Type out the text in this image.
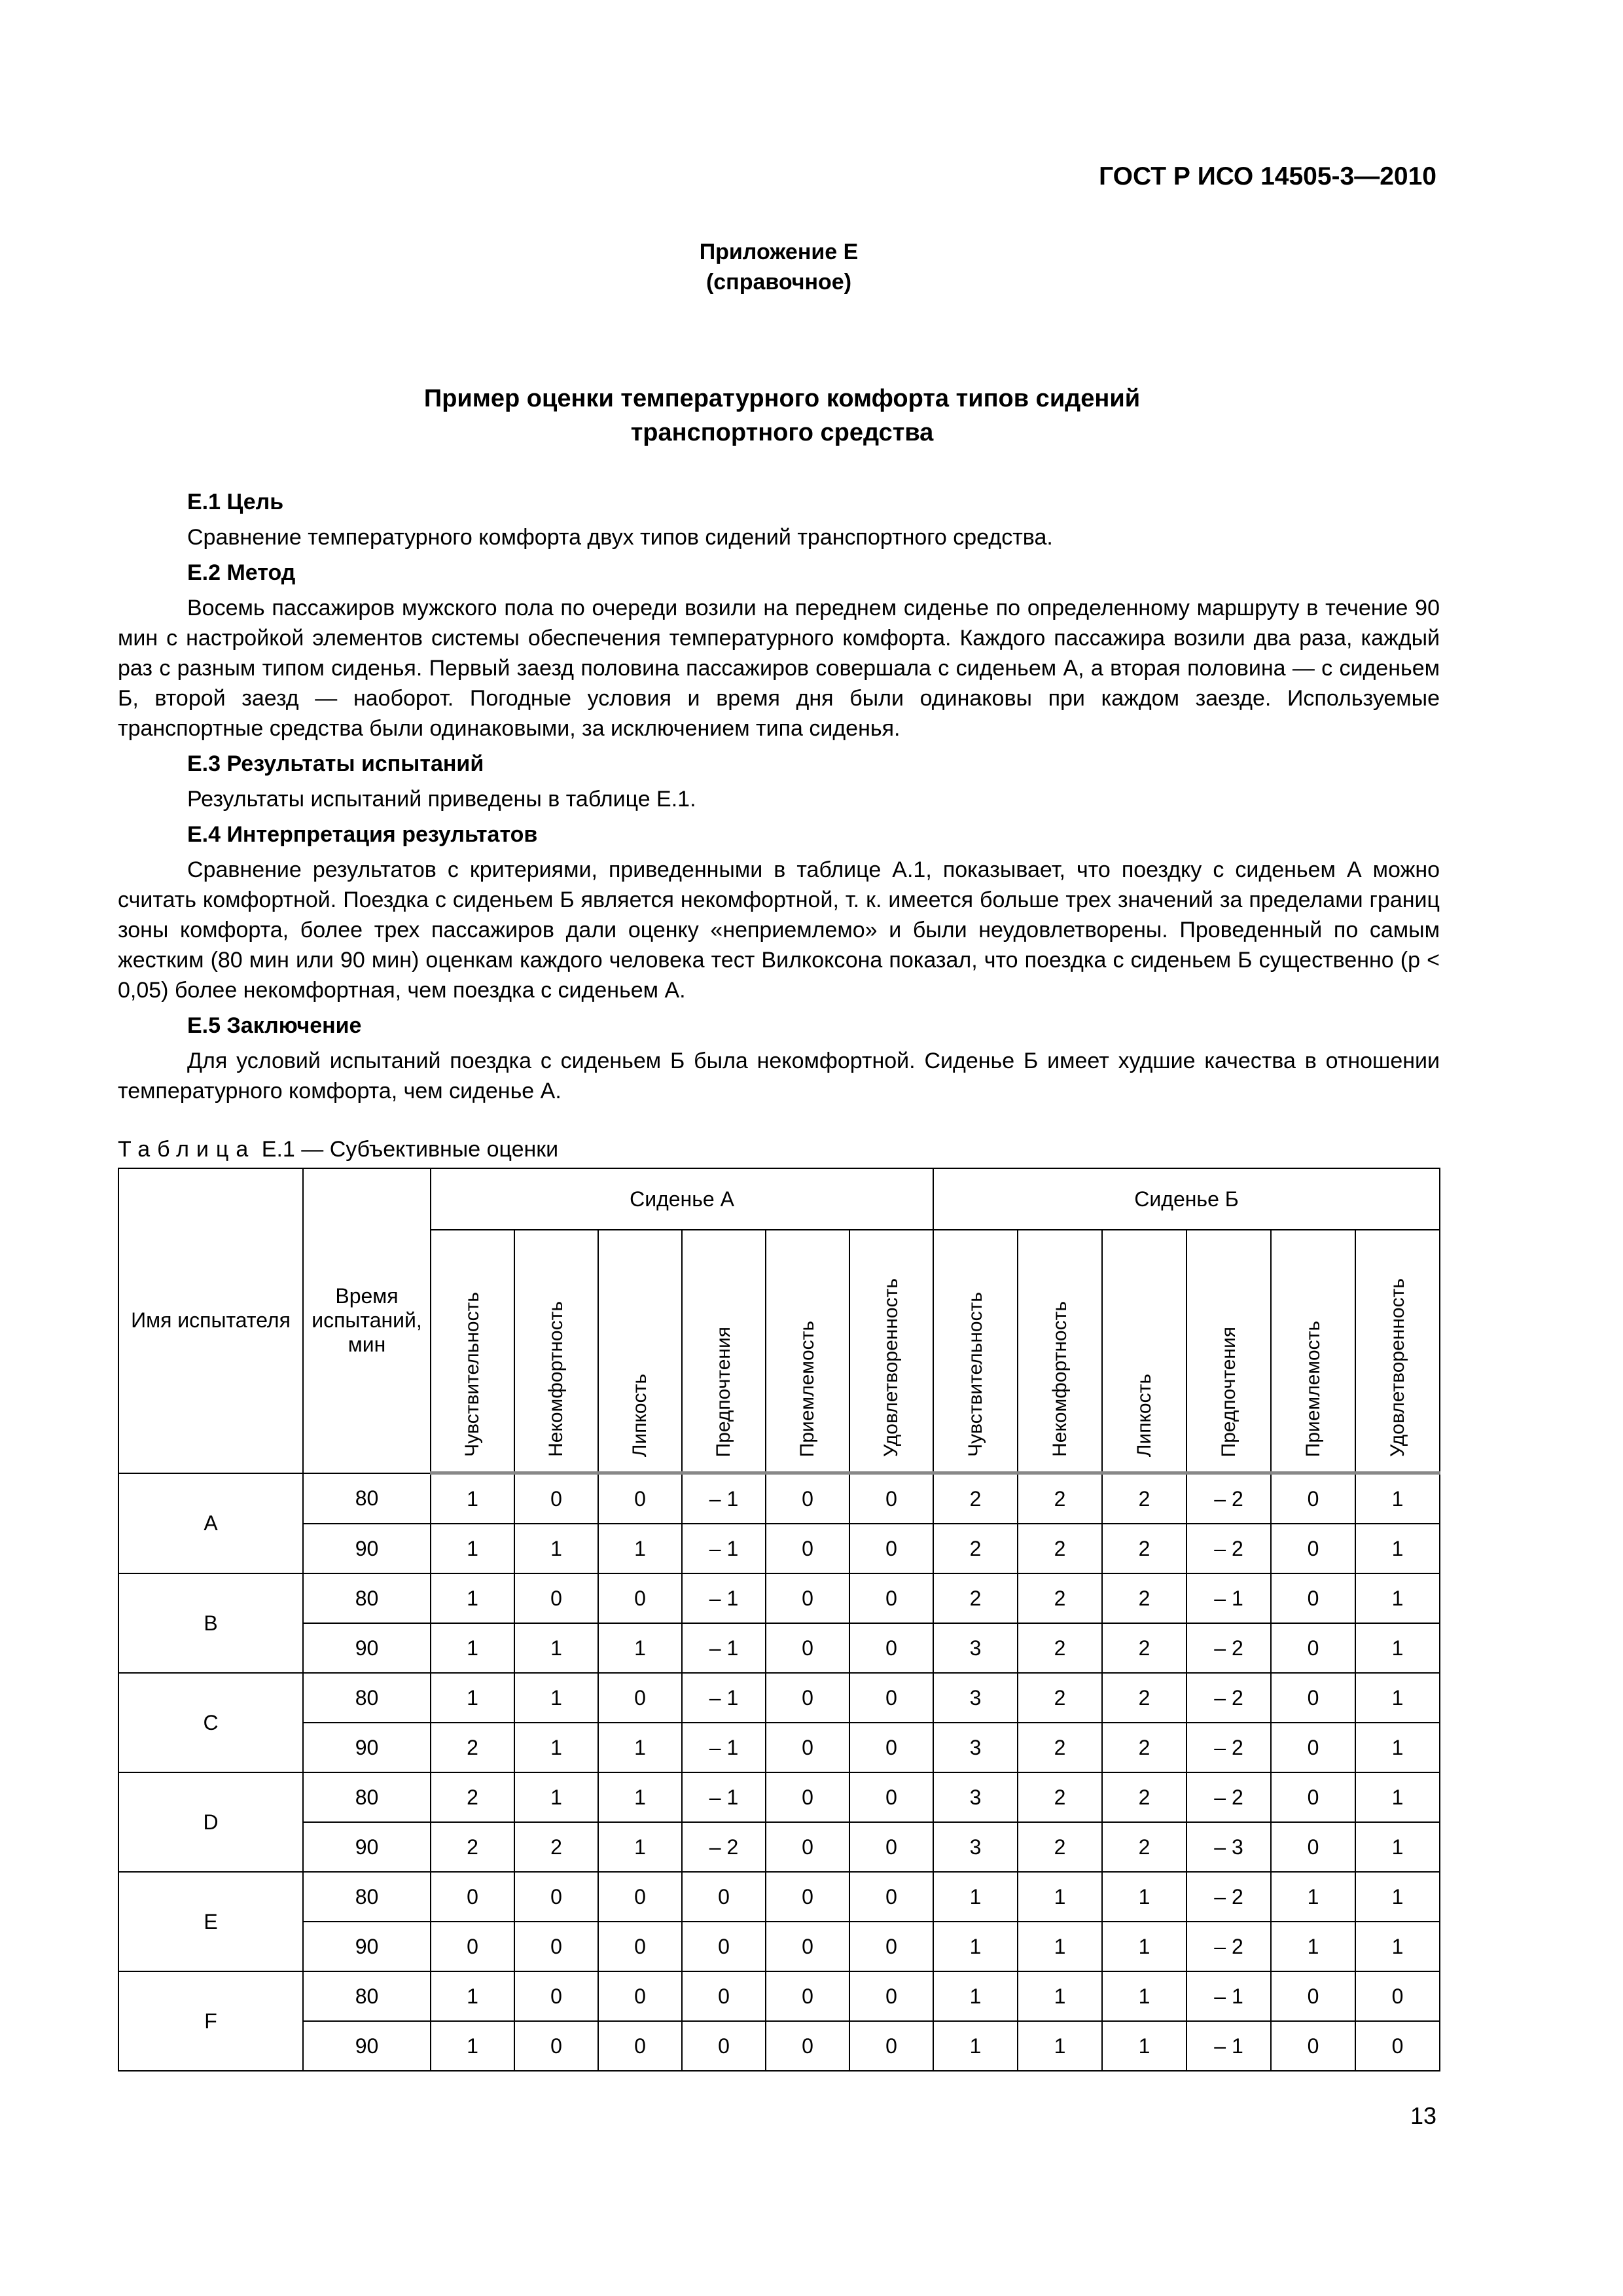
ГОСТ Р ИСО 14505-3—2010
Приложение Е
(справочное)
Пример оценки температурного комфорта типов сидений
транспортного средства
Е.1 Цель
Сравнение температурного комфорта двух типов сидений транспортного средства.
Е.2 Метод
Восемь пассажиров мужского пола по очереди возили на переднем сиденье по определенному маршруту в течение 90 мин с настройкой элементов системы обеспечения температурного комфорта. Каждого пассажира возили два раза, каждый раз с разным типом сиденья. Первый заезд половина пассажиров совершала с сиденьем А, а вторая половина — с сиденьем Б, второй заезд — наоборот. Погодные условия и время дня были одинаковы при каждом заезде. Используемые транспортные средства были одинаковыми, за исключением типа сиденья.
Е.3 Результаты испытаний
Результаты испытаний приведены в таблице Е.1.
Е.4 Интерпретация результатов
Сравнение результатов с критериями, приведенными в таблице А.1, показывает, что поездку с сиденьем А можно считать комфортной. Поездка с сиденьем Б является некомфортной, т. к. имеется больше трех значений за пределами границ зоны комфорта, более трех пассажиров дали оценку «неприемлемо» и были неудовлетворены. Проведенный по самым жестким (80 мин или 90 мин) оценкам каждого человека тест Вилкоксона показал, что поездка с сиденьем Б существенно (p < 0,05) более некомфортная, чем поездка с сиденьем А.
Е.5 Заключение
Для условий испытаний поездка с сиденьем Б была некомфортной. Сиденье Б имеет худшие качества в отношении температурного комфорта, чем сиденье А.
Таблица Е.1 — Субъективные оценки
Имя испытателя	Время испытаний, мин	Сиденье А						Сиденье Б					
		Чувствительность	Некомфортность	Липкость	Предпочтения	Приемлемость	Удовлетворенность	Чувствительность	Некомфортность	Липкость	Предпочтения	Приемлемость	Удовлетворенность
A	80	1	0	0	– 1	0	0	2	2	2	– 2	0	1
	90	1	1	1	– 1	0	0	2	2	2	– 2	0	1
B	80	1	0	0	– 1	0	0	2	2	2	– 1	0	1
	90	1	1	1	– 1	0	0	3	2	2	– 2	0	1
C	80	1	1	0	– 1	0	0	3	2	2	– 2	0	1
	90	2	1	1	– 1	0	0	3	2	2	– 2	0	1
D	80	2	1	1	– 1	0	0	3	2	2	– 2	0	1
	90	2	2	1	– 2	0	0	3	2	2	– 3	0	1
E	80	0	0	0	0	0	0	1	1	1	– 2	1	1
	90	0	0	0	0	0	0	1	1	1	– 2	1	1
F	80	1	0	0	0	0	0	1	1	1	– 1	0	0
	90	1	0	0	0	0	0	1	1	1	– 1	0	0
13
